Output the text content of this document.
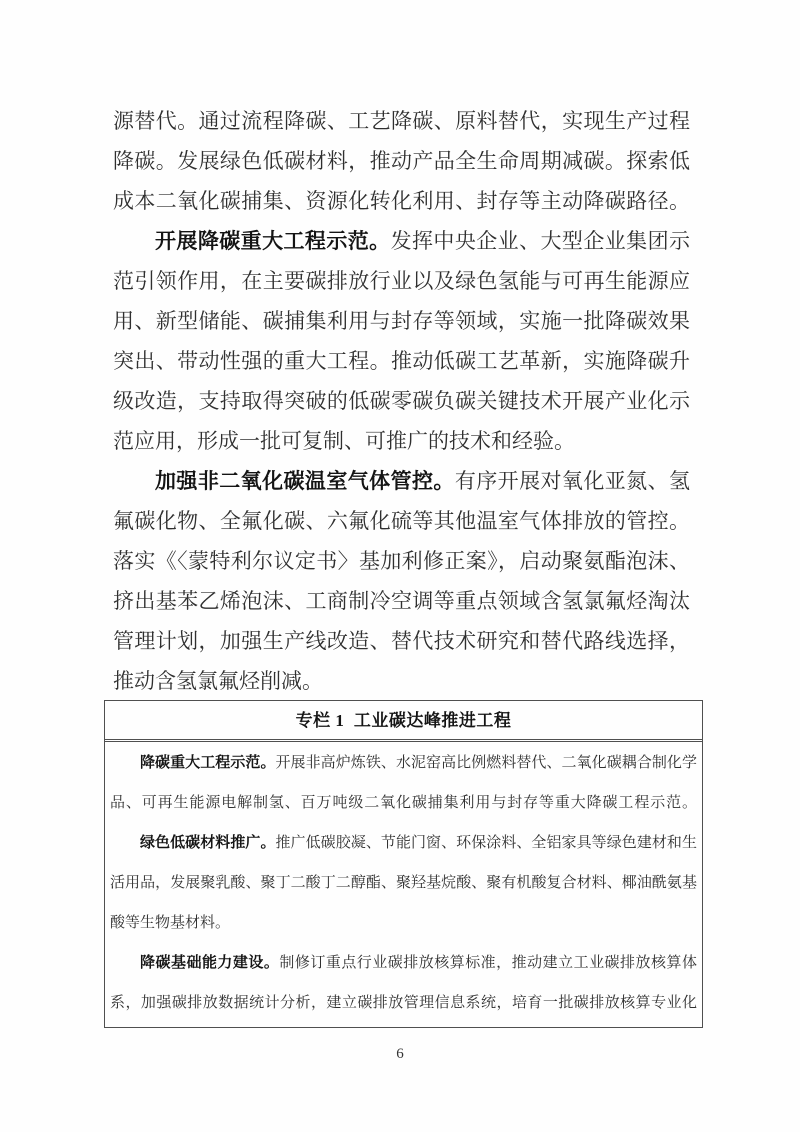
源替代。通过流程降碳、工艺降碳、原料替代，实现生产过程降碳。发展绿色低碳材料，推动产品全生命周期减碳。探索低成本二氧化碳捕集、资源化转化利用、封存等主动降碳路径。

开展降碳重大工程示范。发挥中央企业、大型企业集团示范引领作用，在主要碳排放行业以及绿色氢能与可再生能源应用、新型储能、碳捕集利用与封存等领域，实施一批降碳效果突出、带动性强的重大工程。推动低碳工艺革新，实施降碳升级改造，支持取得突破的低碳零碳负碳关键技术开展产业化示范应用，形成一批可复制、可推广的技术和经验。

加强非二氧化碳温室气体管控。有序开展对氧化亚氮、氢氟碳化物、全氟化碳、六氟化硫等其他温室气体排放的管控。落实《〈蒙特利尔议定书〉基加利修正案》，启动聚氨酯泡沫、挤出基苯乙烯泡沫、工商制冷空调等重点领域含氢氯氟烃淘汰管理计划，加强生产线改造、替代技术研究和替代路线选择，推动含氢氯氟烃削减。

专栏 1  工业碳达峰推进工程

降碳重大工程示范。开展非高炉炼铁、水泥窑高比例燃料替代、二氧化碳耦合制化学品、可再生能源电解制氢、百万吨级二氧化碳捕集利用与封存等重大降碳工程示范。

绿色低碳材料推广。推广低碳胶凝、节能门窗、环保涂料、全铝家具等绿色建材和生活用品，发展聚乳酸、聚丁二酸丁二醇酯、聚羟基烷酸、聚有机酸复合材料、椰油酰氨基酸等生物基材料。

降碳基础能力建设。制修订重点行业碳排放核算标准，推动建立工业碳排放核算体系，加强碳排放数据统计分析，建立碳排放管理信息系统，培育一批碳排放核算专业化

6
